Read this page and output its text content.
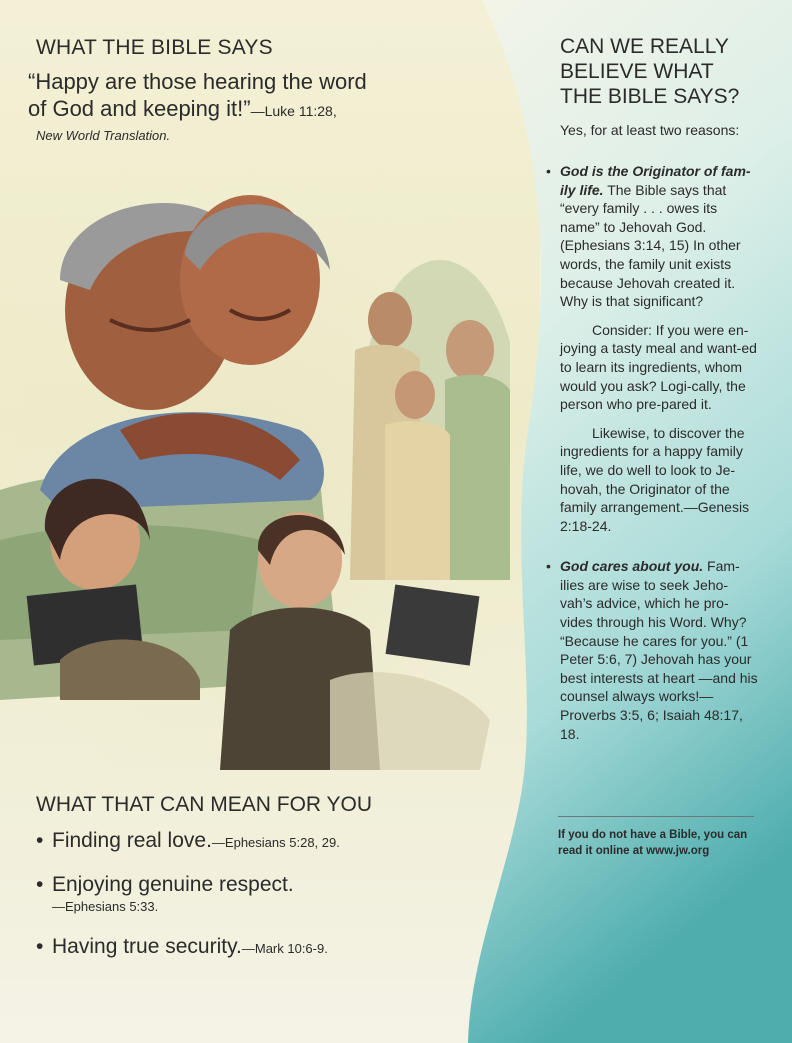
WHAT THE BIBLE SAYS

“Happy are those hearing the word of God and keeping it!”—Luke 11:28,
New World Translation.

WHAT THAT CAN MEAN FOR YOU
• Finding real love.—Ephesians 5:28, 29.
• Enjoying genuine respect.
—Ephesians 5:33.
• Having true security.—Mark 10:6-9.
CAN WE REALLY
BELIEVE WHAT
THE BIBLE SAYS?

Yes, for at least two reasons:

• God is the Originator of fam-ily life. The Bible says that “every family . . . owes its name” to Jehovah God. (Ephesians 3:14, 15) In other words, the family unit exists because Jehovah created it. Why is that significant?

Consider: If you were en-joying a tasty meal and want-ed to learn its ingredients, whom would you ask? Logi-cally, the person who pre-pared it.

Likewise, to discover the ingredients for a happy family life, we do well to look to Je-hovah, the Originator of the family arrangement.—Genesis 2:18-24.

• God cares about you. Fam-ilies are wise to seek Jeho-vah’s advice, which he pro-vides through his Word. Why? “Because he cares for you.” (1 Peter 5:6, 7) Jehovah has your best interests at heart —and his counsel always works!—Proverbs 3:5, 6; Isaiah 48:17, 18.

If you do not have a Bible, you can read it online at www.jw.org
